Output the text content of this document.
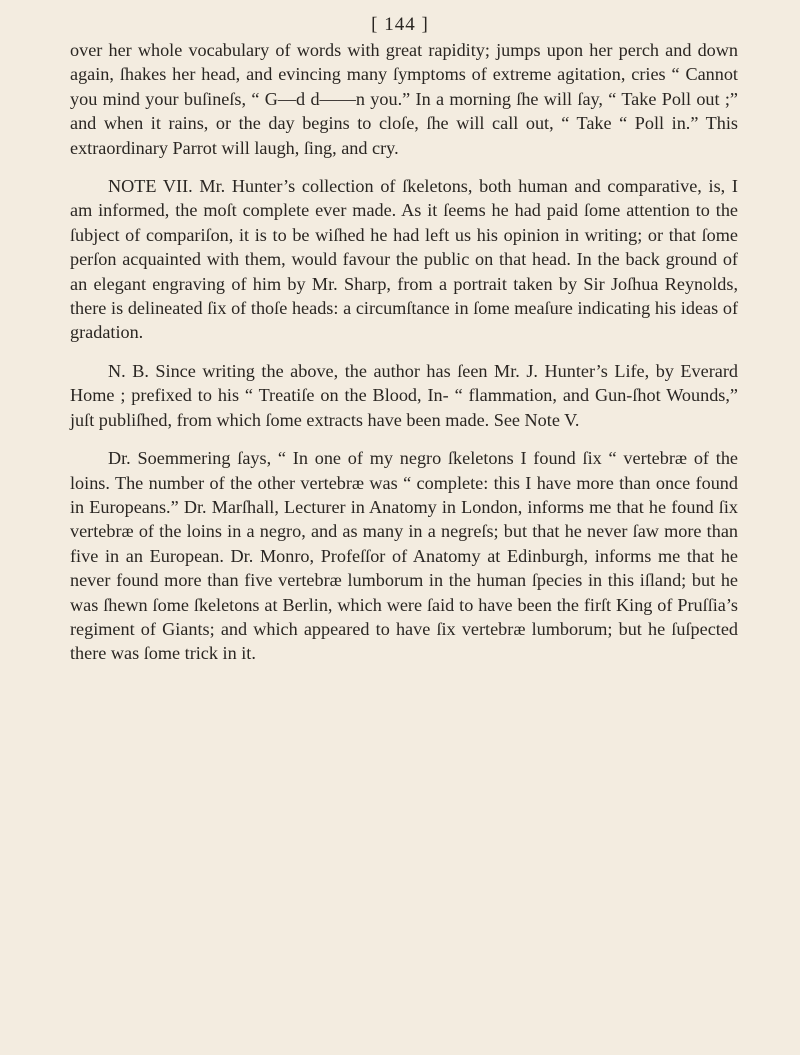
[ 144 ]

over her whole vocabulary of words with great rapidity; jumps upon her perch and down again, ſhakes her head, and evincing many ſymptoms of extreme agitation, cries “ Cannot you mind your buſineſs, “ G—d d——n you.” In a morning ſhe will ſay, “ Take Poll out ;” and when it rains, or the day begins to cloſe, ſhe will call out, “ Take “ Poll in.” This extraordinary Parrot will laugh, ſing, and cry.

NOTE VII. Mr. Hunter’s collection of ſkeletons, both human and comparative, is, I am informed, the moſt complete ever made. As it ſeems he had paid ſome attention to the ſubject of compariſon, it is to be wiſhed he had left us his opinion in writing; or that ſome perſon acquainted with them, would favour the public on that head. In the back ground of an elegant engraving of him by Mr. Sharp, from a portrait taken by Sir Joſhua Reynolds, there is delineated ſix of thoſe heads: a circumſtance in ſome meaſure indicating his ideas of gradation.

N. B. Since writing the above, the author has ſeen Mr. J. Hunter’s Life, by Everard Home ; prefixed to his “ Treatiſe on the Blood, In- “ flammation, and Gun-ſhot Wounds,” juſt publiſhed, from which ſome extracts have been made. See Note V.

Dr. Soemmering ſays, “ In one of my negro ſkeletons I found ſix “ vertebræ of the loins. The number of the other vertebræ was “ complete: this I have more than once found in Europeans.” Dr. Marſhall, Lecturer in Anatomy in London, informs me that he found ſix vertebræ of the loins in a negro, and as many in a negreſs; but that he never ſaw more than five in an European. Dr. Monro, Profeſſor of Anatomy at Edinburgh, informs me that he never found more than five vertebræ lumborum in the human ſpecies in this iſland; but he was ſhewn ſome ſkeletons at Berlin, which were ſaid to have been the firſt King of Pruſſia’s regiment of Giants; and which appeared to have ſix vertebræ lumborum; but he ſuſpected there was ſome trick in it.
